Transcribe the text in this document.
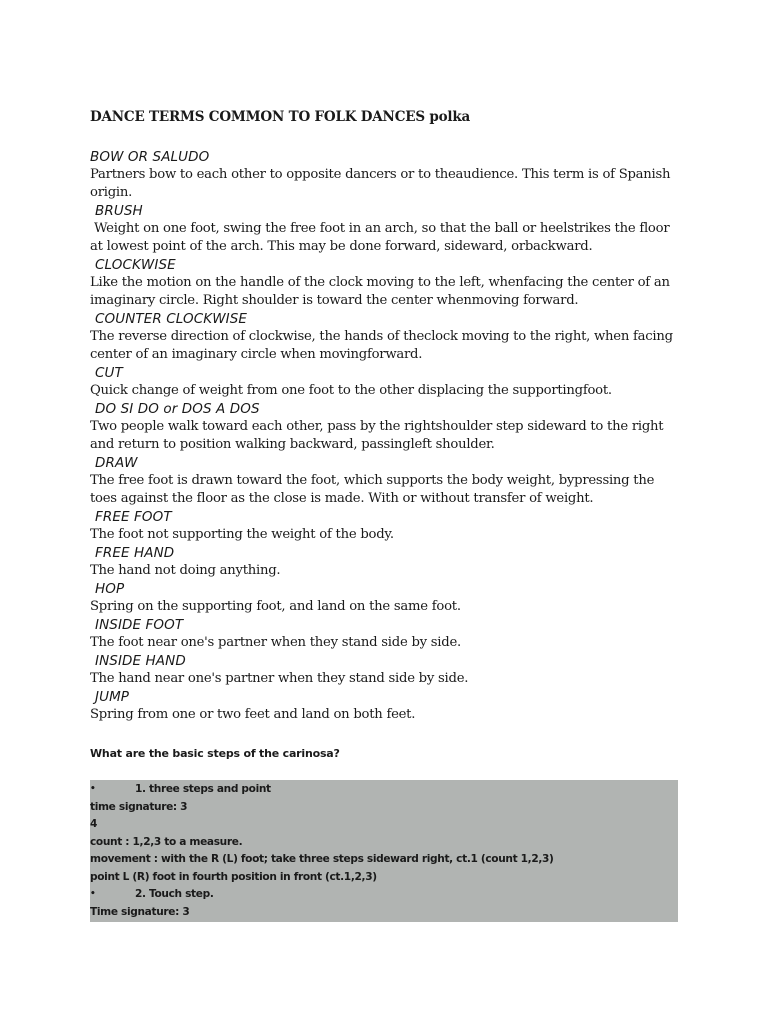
DANCE TERMS COMMON TO FOLK DANCES polka
BOW OR SALUDO
Partners bow to each other to opposite dancers or to theaudience. This term is of Spanish origin.
BRUSH
Weight on one foot, swing the free foot in an arch, so that the ball or heelstrikes the floor at lowest point of the arch. This may be done forward, sideward, orbackward.
CLOCKWISE
Like the motion on the handle of the clock moving to the left, whenfacing the center of an imaginary circle. Right shoulder is toward the center whenmoving forward.
COUNTER CLOCKWISE
The reverse direction of clockwise, the hands of theclock moving to the right, when facing center of an imaginary circle when movingforward.
CUT
Quick change of weight from one foot to the other displacing the supportingfoot.
DO SI DO or DOS A DOS
Two people walk toward each other, pass by the rightshoulder step sideward to the right and return to position walking backward, passingleft shoulder.
DRAW
The free foot is drawn toward the foot, which supports the body weight, bypressing the toes against the floor as the close is made. With or without transfer of weight.
FREE FOOT
The foot not supporting the weight of the body.
FREE HAND
The hand not doing anything.
HOP
Spring on the supporting foot, and land on the same foot.
INSIDE FOOT
The foot near one's partner when they stand side by side.
INSIDE HAND
The hand near one's partner when they stand side by side.
JUMP
Spring from one or two feet and land on both feet.
What are the basic steps of the carinosa?
•	1. three steps and point
time signature: 3
4
count : 1,2,3 to a measure.
movement : with the R (L) foot; take three steps sideward right, ct.1 (count 1,2,3)
point L (R) foot in fourth position in front (ct.1,2,3)
•	2. Touch step.
Time signature: 3
